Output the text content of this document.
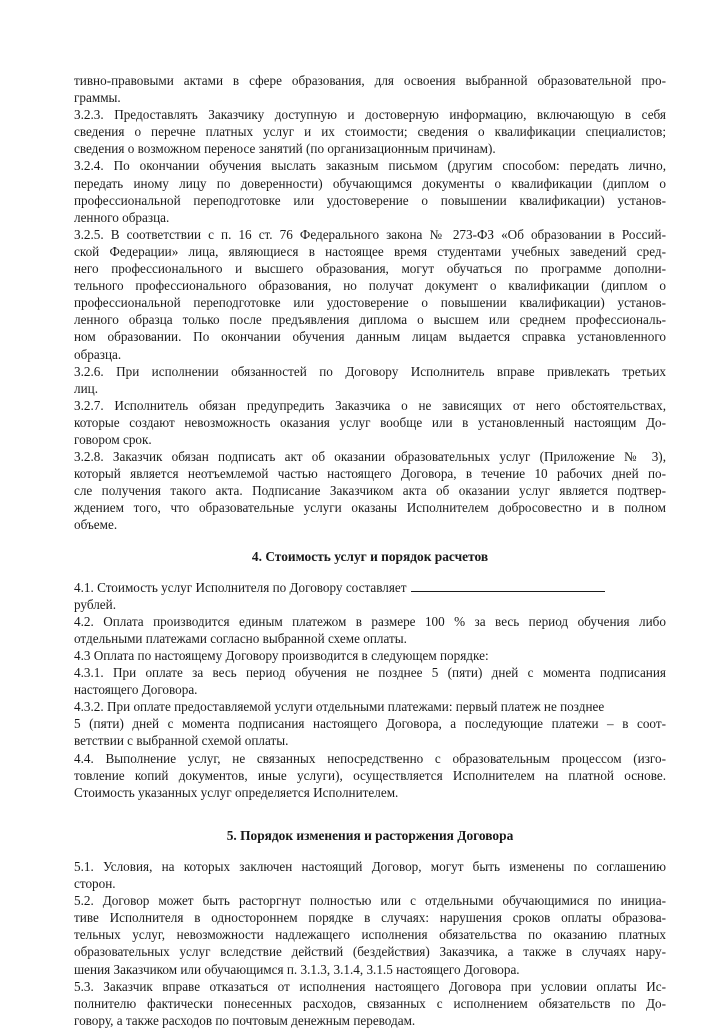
тивно-правовыми актами в сфере образования, для освоения выбранной образовательной про-
граммы.
3.2.3. Предоставлять Заказчику доступную и достоверную информацию, включающую в себя
сведения о перечне платных услуг и их стоимости; сведения о квалификации специалистов;
сведения о возможном переносе занятий (по организационным причинам).
3.2.4. По окончании обучения выслать заказным письмом (другим способом: передать лично,
передать иному лицу по доверенности) обучающимся документы о квалификации (диплом о
профессиональной переподготовке или удостоверение о повышении квалификации) установ-
ленного образца.
3.2.5. В соответствии с п. 16 ст. 76 Федерального закона № 273-ФЗ «Об образовании в Россий-
ской Федерации» лица, являющиеся в настоящее время студентами учебных заведений сред-
него профессионального и высшего образования, могут обучаться по программе дополни-
тельного профессионального образования, но получат документ о квалификации (диплом о
профессиональной переподготовке или удостоверение о повышении квалификации) установ-
ленного образца только после предъявления диплома о высшем или среднем профессиональ-
ном образовании. По окончании обучения данным лицам выдается справка установленного
образца.
3.2.6. При исполнении обязанностей по Договору Исполнитель вправе привлекать третьих
лиц.
3.2.7. Исполнитель обязан предупредить Заказчика о не зависящих от него обстоятельствах,
которые создают невозможность оказания услуг вообще или в установленный настоящим До-
говором срок.
3.2.8. Заказчик обязан подписать акт об оказании образовательных услуг (Приложение № 3),
который является неотъемлемой частью настоящего Договора, в течение 10 рабочих дней по-
сле получения такого акта. Подписание Заказчиком акта об оказании услуг является подтвер-
ждением того, что образовательные услуги оказаны Исполнителем добросовестно и в полном
объеме.
4. Стоимость услуг и порядок расчетов
4.1. Стоимость услуг Исполнителя по Договору составляет
рублей.
4.2. Оплата производится единым платежом в размере 100 % за весь период обучения либо
отдельными платежами согласно выбранной схеме оплаты.
4.3 Оплата по настоящему Договору производится в следующем порядке:
4.3.1. При оплате за весь период обучения не позднее 5 (пяти) дней с момента подписания
настоящего Договора.
4.3.2. При оплате предоставляемой услуги отдельными платежами: первый платеж не позднее
5 (пяти) дней с момента подписания настоящего Договора, а последующие платежи – в соот-
ветствии с выбранной схемой оплаты.
4.4. Выполнение услуг, не связанных непосредственно с образовательным процессом (изго-
товление копий документов, иные услуги), осуществляется Исполнителем на платной основе.
Стоимость указанных услуг определяется Исполнителем.
5. Порядок изменения и расторжения Договора
5.1. Условия, на которых заключен настоящий Договор, могут быть изменены по соглашению
сторон.
5.2. Договор может быть расторгнут полностью или с отдельными обучающимися по инициа-
тиве Исполнителя в одностороннем порядке в случаях: нарушения сроков оплаты образова-
тельных услуг, невозможности надлежащего исполнения обязательства по оказанию платных
образовательных услуг вследствие действий (бездействия) Заказчика, а также в случаях нару-
шения Заказчиком или обучающимся п. 3.1.3, 3.1.4, 3.1.5 настоящего Договора.
5.3. Заказчик вправе отказаться от исполнения настоящего Договора при условии оплаты Ис-
полнителю фактически понесенных расходов, связанных с исполнением обязательств по До-
говору, а также расходов по почтовым денежным переводам.
